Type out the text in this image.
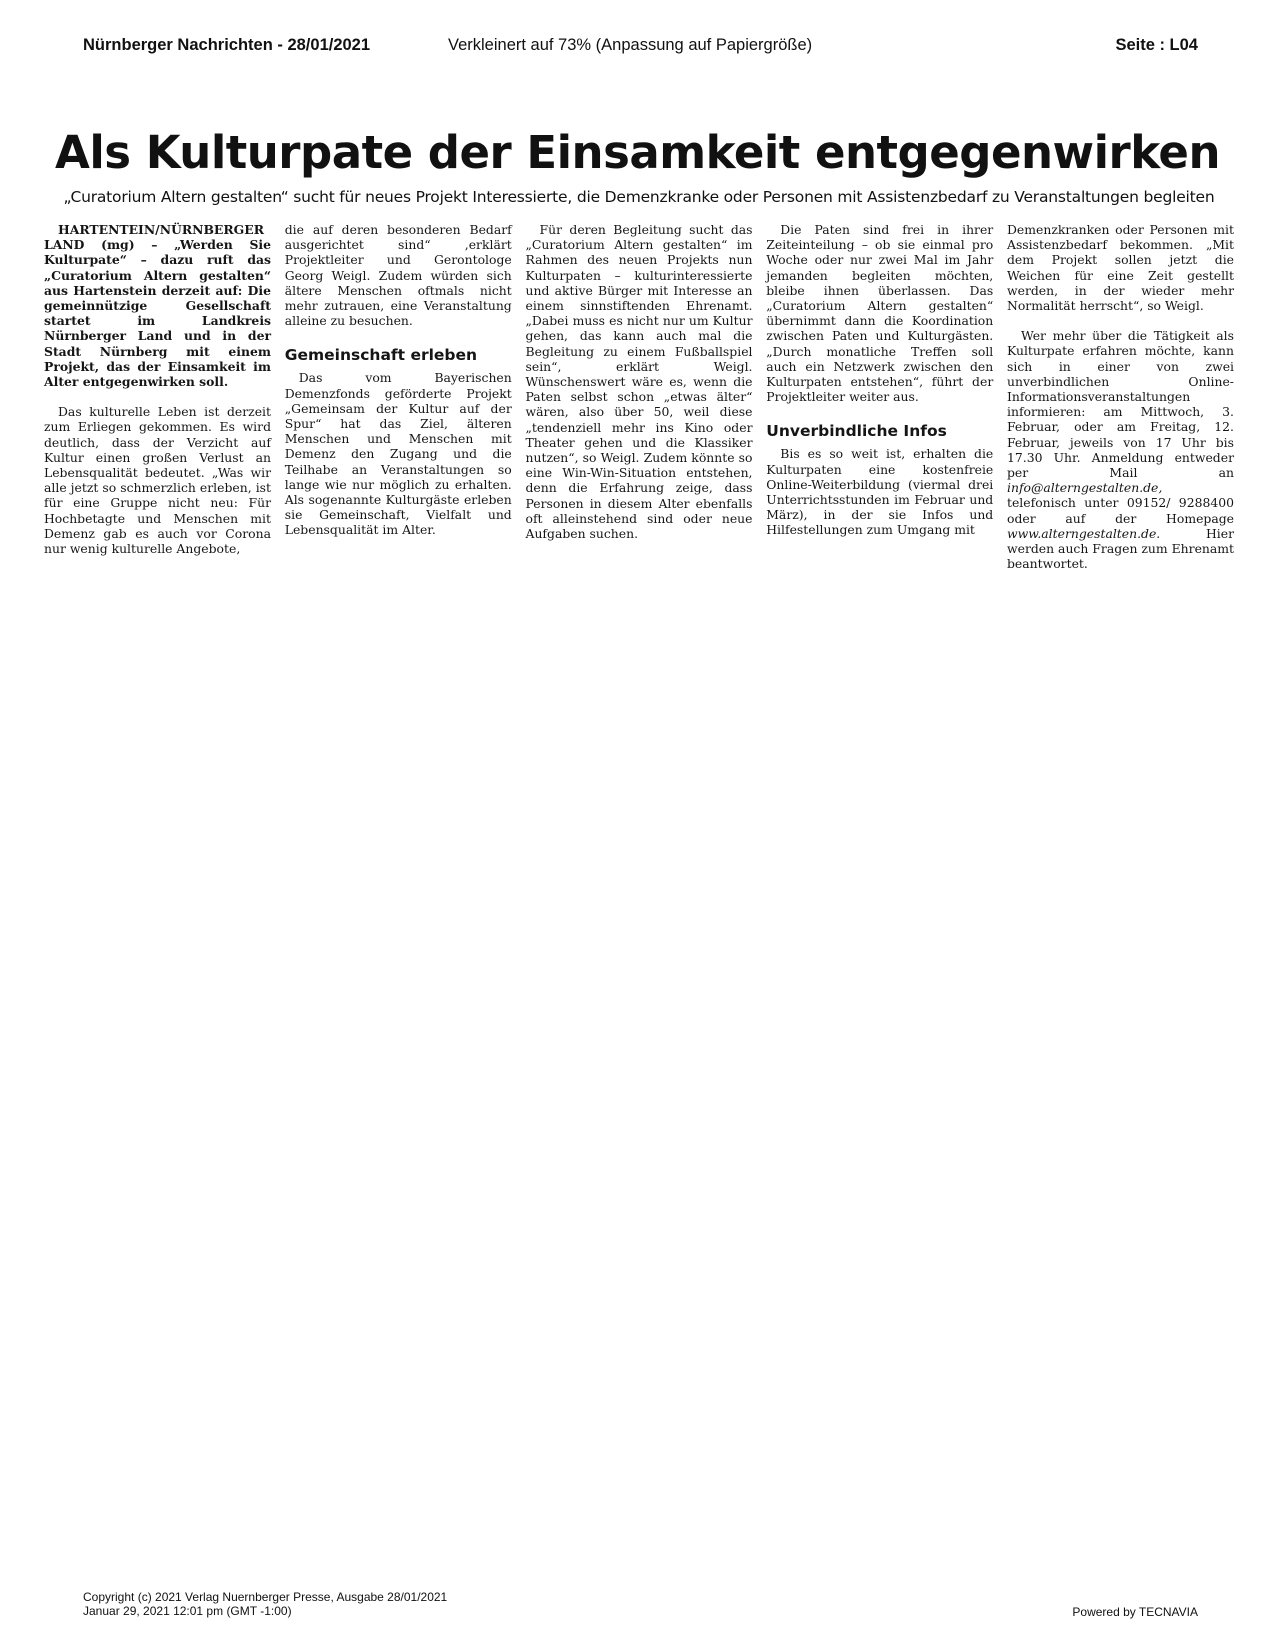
Nürnberger Nachrichten - 28/01/2021	Verkleinert auf 73% (Anpassung auf Papiergröße)	Seite : L04
Als Kulturpate der Einsamkeit entgegenwirken
„Curatorium Altern gestalten“ sucht für neues Projekt Interessierte, die Demenzkranke oder Personen mit Assistenzbedarf zu Veranstaltungen begleiten

HARTENTEIN/NÜRNBERGER LAND (mg) – „Werden Sie Kulturpate“ – dazu ruft das „Curatorium Altern gestalten“ aus Hartenstein derzeit auf: Die gemeinnützige Gesellschaft startet im Landkreis Nürnberger Land und in der Stadt Nürnberg mit einem Projekt, das der Einsamkeit im Alter entgegenwirken soll.

Das kulturelle Leben ist derzeit zum Erliegen gekommen. Es wird deutlich, dass der Verzicht auf Kultur einen großen Verlust an Lebensqualität bedeutet. „Was wir alle jetzt so schmerzlich erleben, ist für eine Gruppe nicht neu: Für Hochbetagte und Menschen mit Demenz gab es auch vor Corona nur wenig kulturelle Angebote,

die auf deren besonderen Bedarf ausgerichtet sind“ ,erklärt Projektleiter und Gerontologe Georg Weigl. Zudem würden sich ältere Menschen oftmals nicht mehr zutrauen, eine Veranstaltung alleine zu besuchen.

Gemeinschaft erleben

Das vom Bayerischen Demenzfonds geförderte Projekt „Gemeinsam der Kultur auf der Spur“ hat das Ziel, älteren Menschen und Menschen mit Demenz den Zugang und die Teilhabe an Veranstaltungen so lange wie nur möglich zu erhalten. Als sogenannte Kulturgäste erleben sie Gemeinschaft, Vielfalt und Lebensqualität im Alter.

Für deren Begleitung sucht das „Curatorium Altern gestalten“ im Rahmen des neuen Projekts nun Kulturpaten – kulturinteressierte und aktive Bürger mit Interesse an einem sinnstiftenden Ehrenamt. „Dabei muss es nicht nur um Kultur gehen, das kann auch mal die Begleitung zu einem Fußballspiel sein“, erklärt Weigl. Wünschenswert wäre es, wenn die Paten selbst schon „etwas älter“ wären, also über 50, weil diese „tendenziell mehr ins Kino oder Theater gehen und die Klassiker nutzen“, so Weigl. Zudem könnte so eine Win-Win-Situation entstehen, denn die Erfahrung zeige, dass Personen in diesem Alter ebenfalls oft alleinstehend sind oder neue Aufgaben suchen.

Die Paten sind frei in ihrer Zeiteinteilung – ob sie einmal pro Woche oder nur zwei Mal im Jahr jemanden begleiten möchten, bleibe ihnen überlassen. Das „Curatorium Altern gestalten“ übernimmt dann die Koordination zwischen Paten und Kulturgästen. „Durch monatliche Treffen soll auch ein Netzwerk zwischen den Kulturpaten entstehen“, führt der Projektleiter weiter aus.

Unverbindliche Infos

Bis es so weit ist, erhalten die Kulturpaten eine kostenfreie Online-Weiterbildung (viermal drei Unterrichtsstunden im Februar und März), in der sie Infos und Hilfestellungen zum Umgang mit

Demenzkranken oder Personen mit Assistenzbedarf bekommen. „Mit dem Projekt sollen jetzt die Weichen für eine Zeit gestellt werden, in der wieder mehr Normalität herrscht“, so Weigl.

Wer mehr über die Tätigkeit als Kulturpate erfahren möchte, kann sich in einer von zwei unverbindlichen Online-Informationsveranstaltungen informieren: am Mittwoch, 3. Februar, oder am Freitag, 12. Februar, jeweils von 17 Uhr bis 17.30 Uhr. Anmeldung entweder per Mail an info@alterngestalten.de, telefonisch unter 09152/ 9288400 oder auf der Homepage www.alterngestalten.de.	Hier werden auch Fragen zum Ehrenamt beantwortet.

Copyright (c) 2021 Verlag Nuernberger Presse, Ausgabe 28/01/2021
Januar 29, 2021 12:01 pm (GMT -1:00)	Powered by TECNAVIA
